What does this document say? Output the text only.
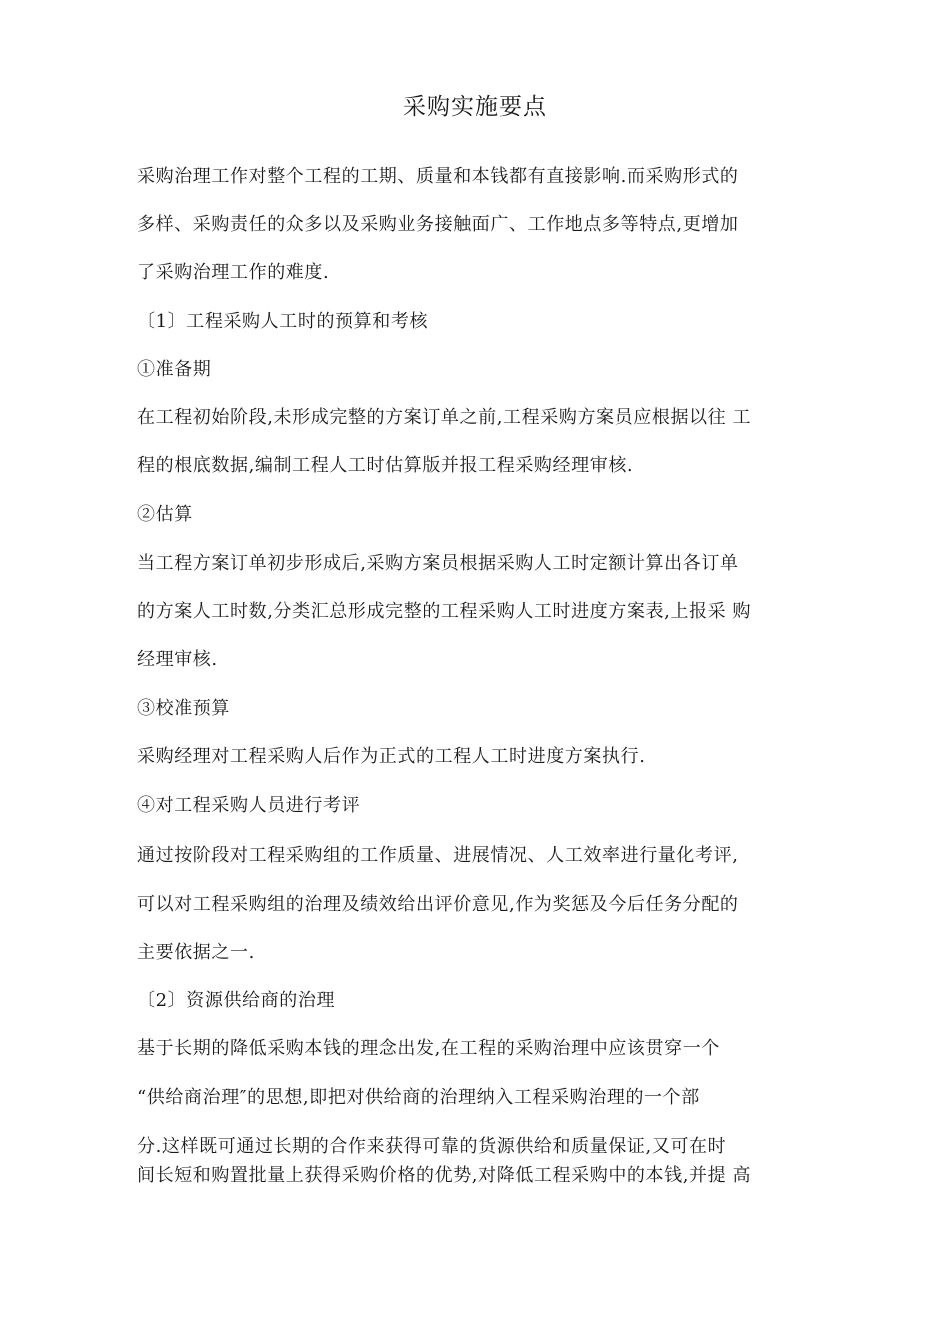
采购实施要点
采购治理工作对整个工程的工期、质量和本钱都有直接影响.而采购形式的
多样、采购责任的众多以及采购业务接触面广、工作地点多等特点,更增加
了采购治理工作的难度.
〔1〕工程采购人工时的预算和考核
①准备期
在工程初始阶段,未形成完整的方案订单之前,工程采购方案员应根据以往 工
程的根底数据,编制工程人工时估算版并报工程采购经理审核.
②估算
当工程方案订单初步形成后,采购方案员根据采购人工时定额计算出各订单
的方案人工时数,分类汇总形成完整的工程采购人工时进度方案表,上报采 购
经理审核.
③校准预算
采购经理对工程采购人后作为正式的工程人工时进度方案执行.
④对工程采购人员进行考评
通过按阶段对工程采购组的工作质量、进展情况、人工效率进行量化考评,
可以对工程采购组的治理及绩效给出评价意见,作为奖惩及今后任务分配的
主要依据之一.
〔2〕资源供给商的治理
基于长期的降低采购本钱的理念出发,在工程的采购治理中应该贯穿一个
“供给商治理″的思想,即把对供给商的治理纳入工程采购治理的一个部
分.这样既可通过长期的合作来获得可靠的货源供给和质量保证,又可在时
间长短和购置批量上获得采购价格的优势,对降低工程采购中的本钱,并提 高
